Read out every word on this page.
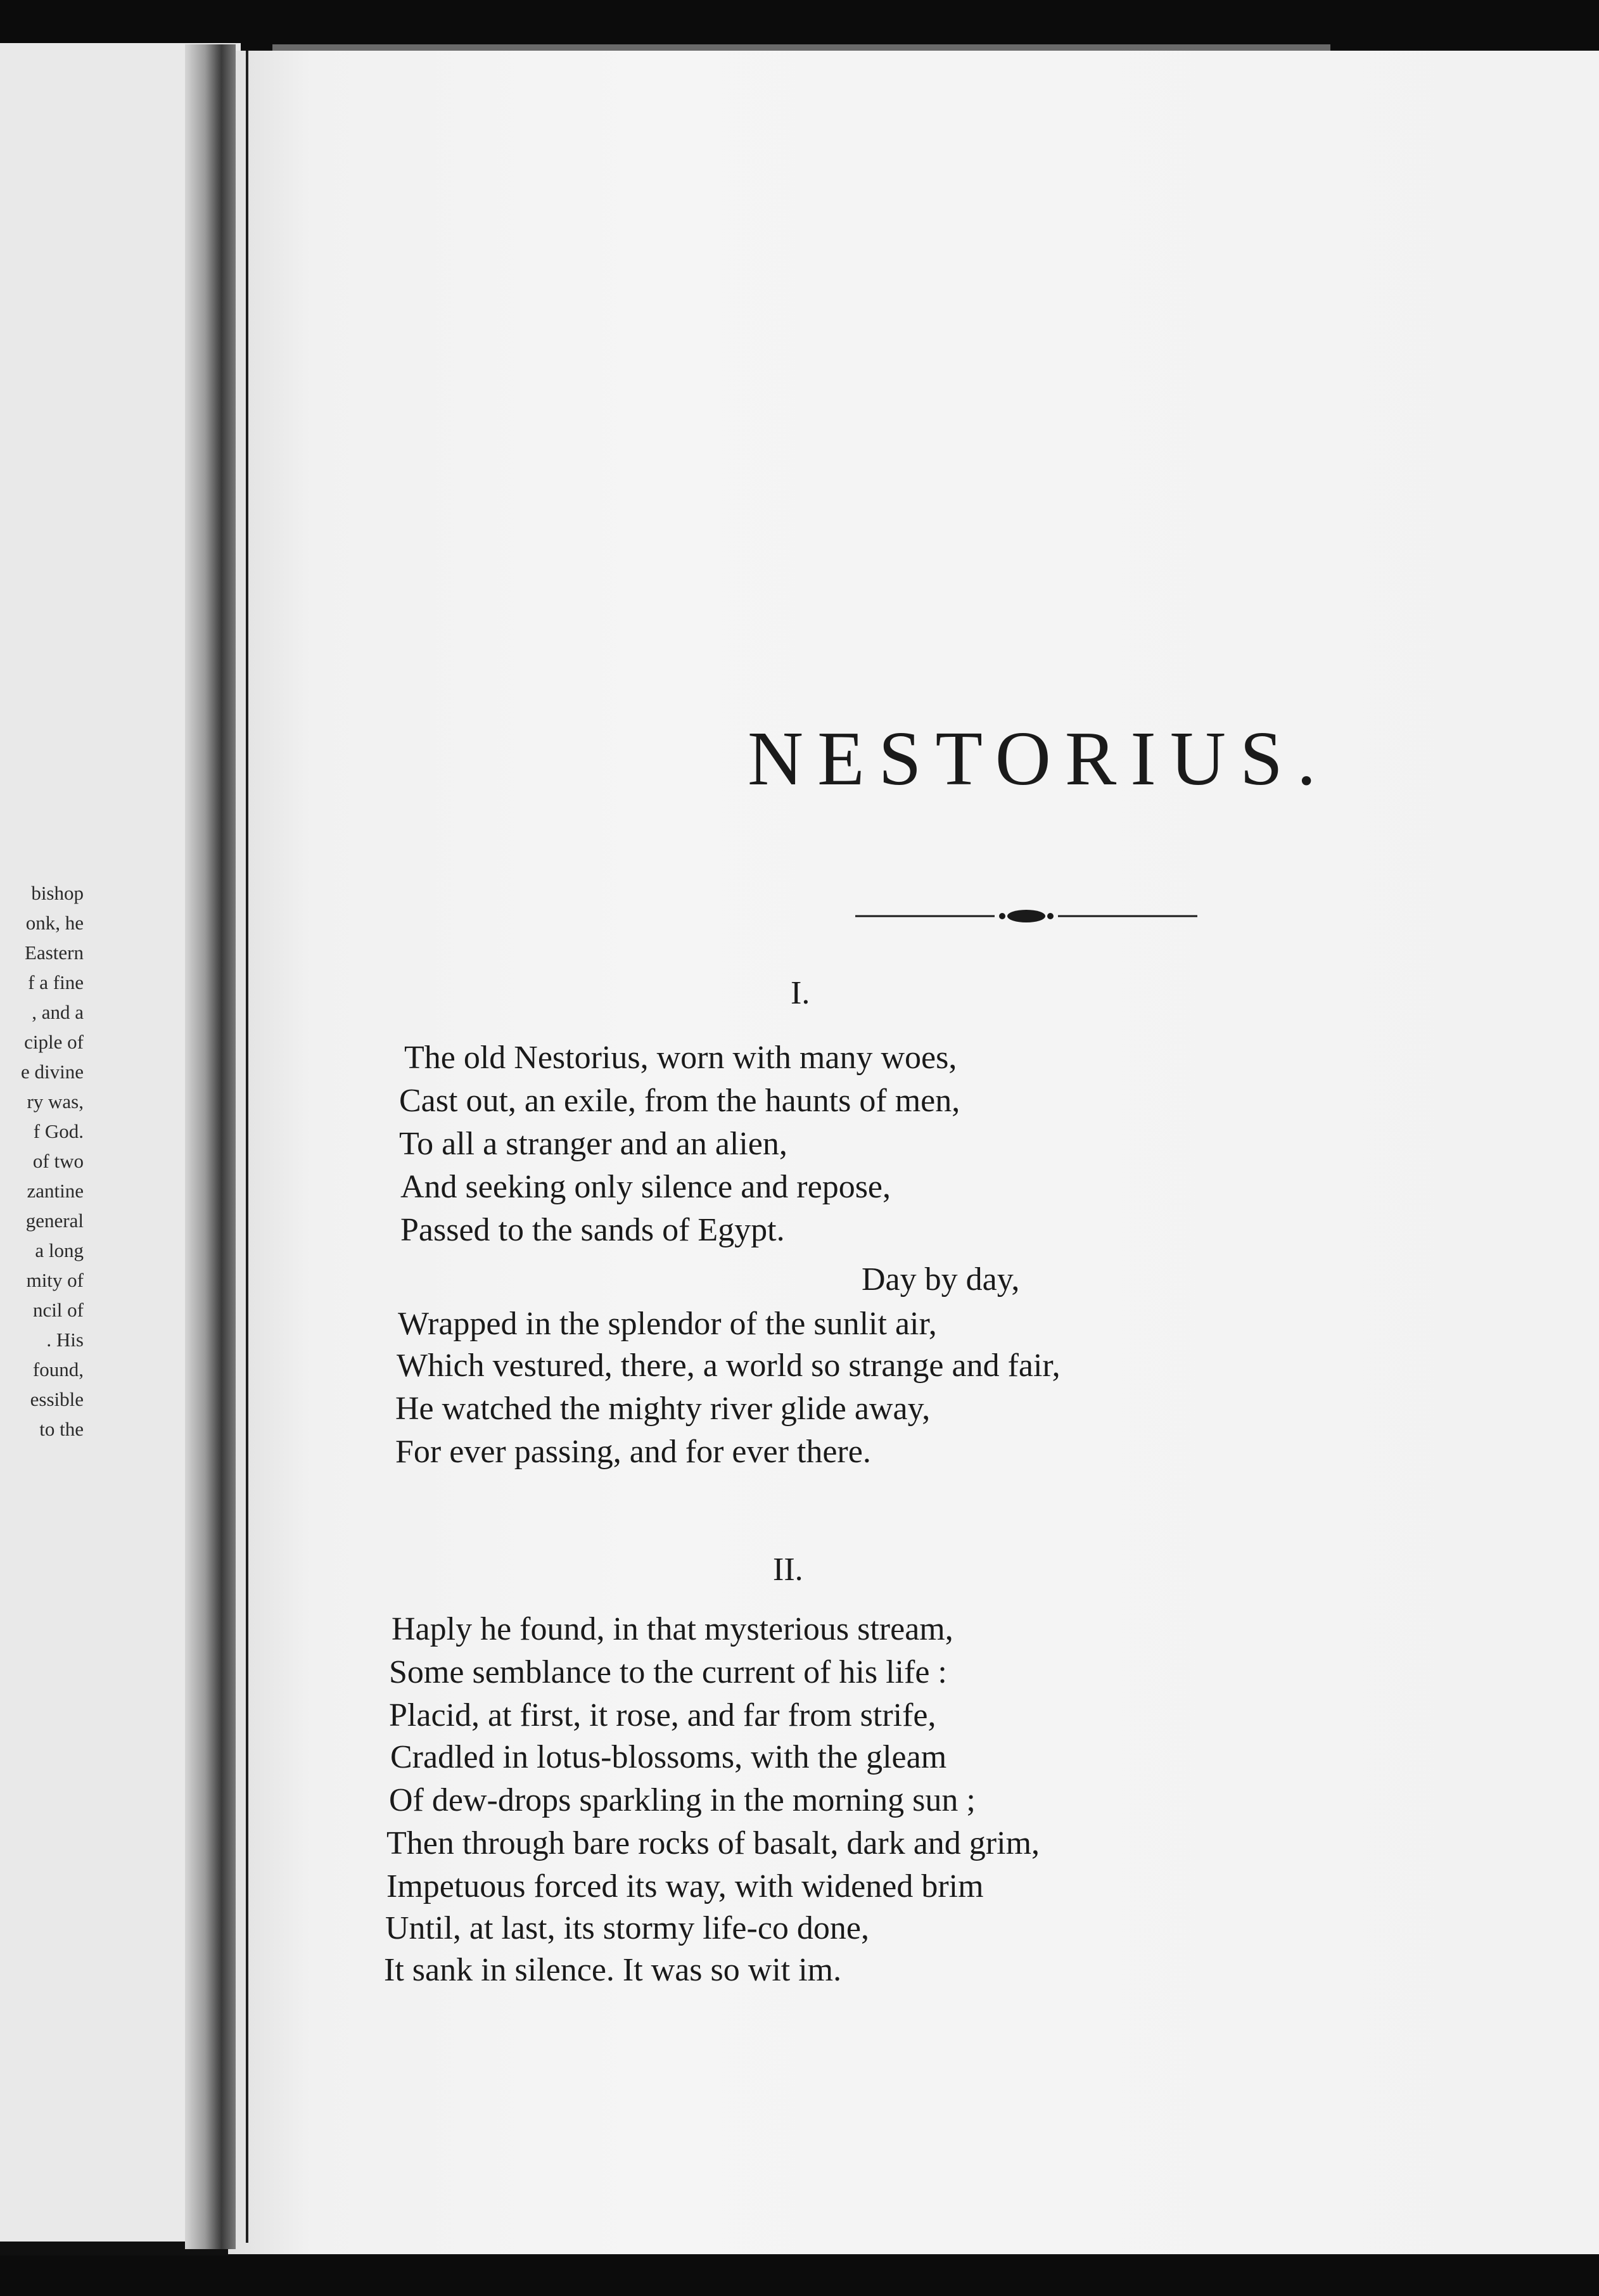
bishop
onk, he
Eastern
f a fine
, and a
ciple of
e divine
ry was,
f God.
of two
zantine
general
a long
mity of
ncil of
. His
found,
essible
to the
NESTORIUS.
I.
The old Nestorius, worn with many woes,
Cast out, an exile, from the haunts of men,
To all a stranger and an alien,
And seeking only silence and repose,
Passed to the sands of Egypt.
Day by day,
Wrapped in the splendor of the sunlit air,
Which vestured, there, a world so strange and fair,
He watched the mighty river glide away,
For ever passing, and for ever there.
II.
Haply he found, in that mysterious stream,
Some semblance to the current of his life :
Placid, at first, it rose, and far from strife,
Cradled in lotus-blossoms, with the gleam
Of dew-drops sparkling in the morning sun ;
Then through bare rocks of basalt, dark and grim,
Impetuous forced its way, with widened brim
Until, at last, its stormy life-co done,
It sank in silence. It was so wit im.
